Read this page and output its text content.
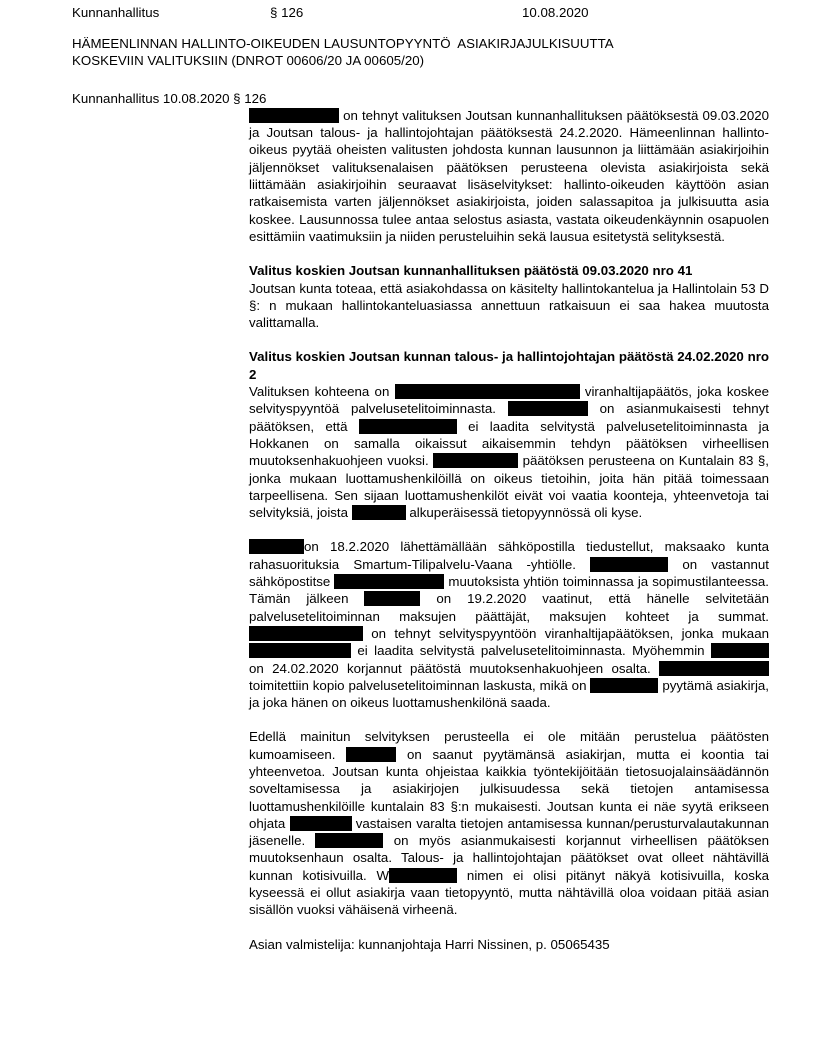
Kunnanhallitus	§ 126	10.08.2020
HÄMEENLINNAN HALLINTO-OIKEUDEN LAUSUNTOPYYNTÖ  ASIAKIRJAJULKISUUTTA
KOSKEVIIN VALITUKSIIN (DNROT 00606/20 JA 00605/20)
Kunnanhallitus 10.08.2020 § 126

on tehnyt valituksen Joutsan kunnanhallituksen päätöksestä 09.03.2020 ja Joutsan talous- ja hallintojohtajan päätöksestä 24.2.2020. Hämeenlinnan hallinto-oikeus pyytää oheisten valitusten johdosta kunnan lausunnon ja liittämään asiakirjoihin jäljennökset valituksenalaisen päätöksen perusteena olevista asiakirjoista sekä liittämään asiakirjoihin seuraavat lisäselvitykset: hallinto-oikeuden käyttöön asian ratkaisemista varten jäljennökset asiakirjoista, joiden salassapitoa ja julkisuutta asia koskee. Lausunnossa tulee antaa selostus asiasta, vastata oikeudenkäynnin osapuolen esittämiin vaatimuksiin ja niiden perusteluihin sekä lausua esitetystä selityksestä.

Valitus koskien Joutsan kunnanhallituksen päätöstä 09.03.2020 nro 41

Joutsan kunta toteaa, että asiakohdassa on käsitelty hallintokantelua ja Hallintolain 53 D §: n mukaan hallintokanteluasiassa annettuun ratkaisuun ei saa hakea muutosta valittamalla.

Valitus koskien Joutsan kunnan talous- ja hallintojohtajan päätöstä 24.02.2020 nro 2

Valituksen kohteena on	viranhaltijapäätös, joka koskee selvityspyyntöä palvelusetelitoiminnasta.	on asianmukaisesti tehnyt päätöksen, että	ei laadita selvitystä palvelusetelitoiminnasta ja Hokkanen on samalla oikaissut aikaisemmin tehdyn päätöksen virheellisen muutoksenhakuohjeen vuoksi.	päätöksen perusteena on Kuntalain 83 §, jonka mukaan luottamushenkilöillä on oikeus tietoihin, joita hän pitää toimessaan tarpeellisena. Sen sijaan luottamushenkilöt eivät voi vaatia koonteja, yhteenvetoja tai selvityksiä, joista	alkuperäisessä tietopyynnössä oli kyse.

on 18.2.2020 lähettämällään sähköpostilla tiedustellut, maksaako kunta rahasuorituksia Smartum-Tilipalvelu-Vaana -yhtiölle.	on vastannut sähköpostitse	muutoksista yhtiön toiminnassa ja sopimustilanteessa. Tämän jälkeen	on 19.2.2020 vaatinut, että hänelle selvitetään palvelusetelitoiminnan maksujen päättäjät, maksujen kohteet ja summat.  on tehnyt selvityspyyntöön viranhaltijapäätöksen, jonka mukaan  ei laadita selvitystä palvelusetelitoiminnasta. Myöhemmin  on 24.02.2020 korjannut päätöstä muutoksenhakuohjeen osalta. toimitettiin kopio palvelusetelitoiminnan laskusta, mikä on	pyytämä asiakirja, ja joka hänen on oikeus luottamushenkilönä saada.

Edellä mainitun selvityksen perusteella ei ole mitään perustelua päätösten kumoamiseen.	on saanut pyytämänsä asiakirjan, mutta ei koontia tai yhteenvetoa. Joutsan kunta ohjeistaa kaikkia työntekijöitään tietosuojalainsäädännön soveltamisessa ja asiakirjojen julkisuudessa sekä tietojen antamisessa luottamushenkilöille kuntalain 83 §:n mukaisesti. Joutsan kunta ei näe syytä erikseen ohjata	vastaisen varalta tietojen antamisessa kunnan/perusturvalautakunnan jäsenelle.	on myös asianmukaisesti korjannut virheellisen päätöksen muutoksenhaun osalta. Talous- ja hallintojohtajan päätökset ovat olleet nähtävillä kunnan kotisivuilla. W	nimen ei olisi pitänyt näkyä kotisivuilla, koska kyseessä ei ollut asiakirja vaan tietopyyntö, mutta nähtävillä oloa voidaan pitää asian sisällön vuoksi vähäisenä virheenä.

Asian valmistelija: kunnanjohtaja Harri Nissinen, p. 05065435
